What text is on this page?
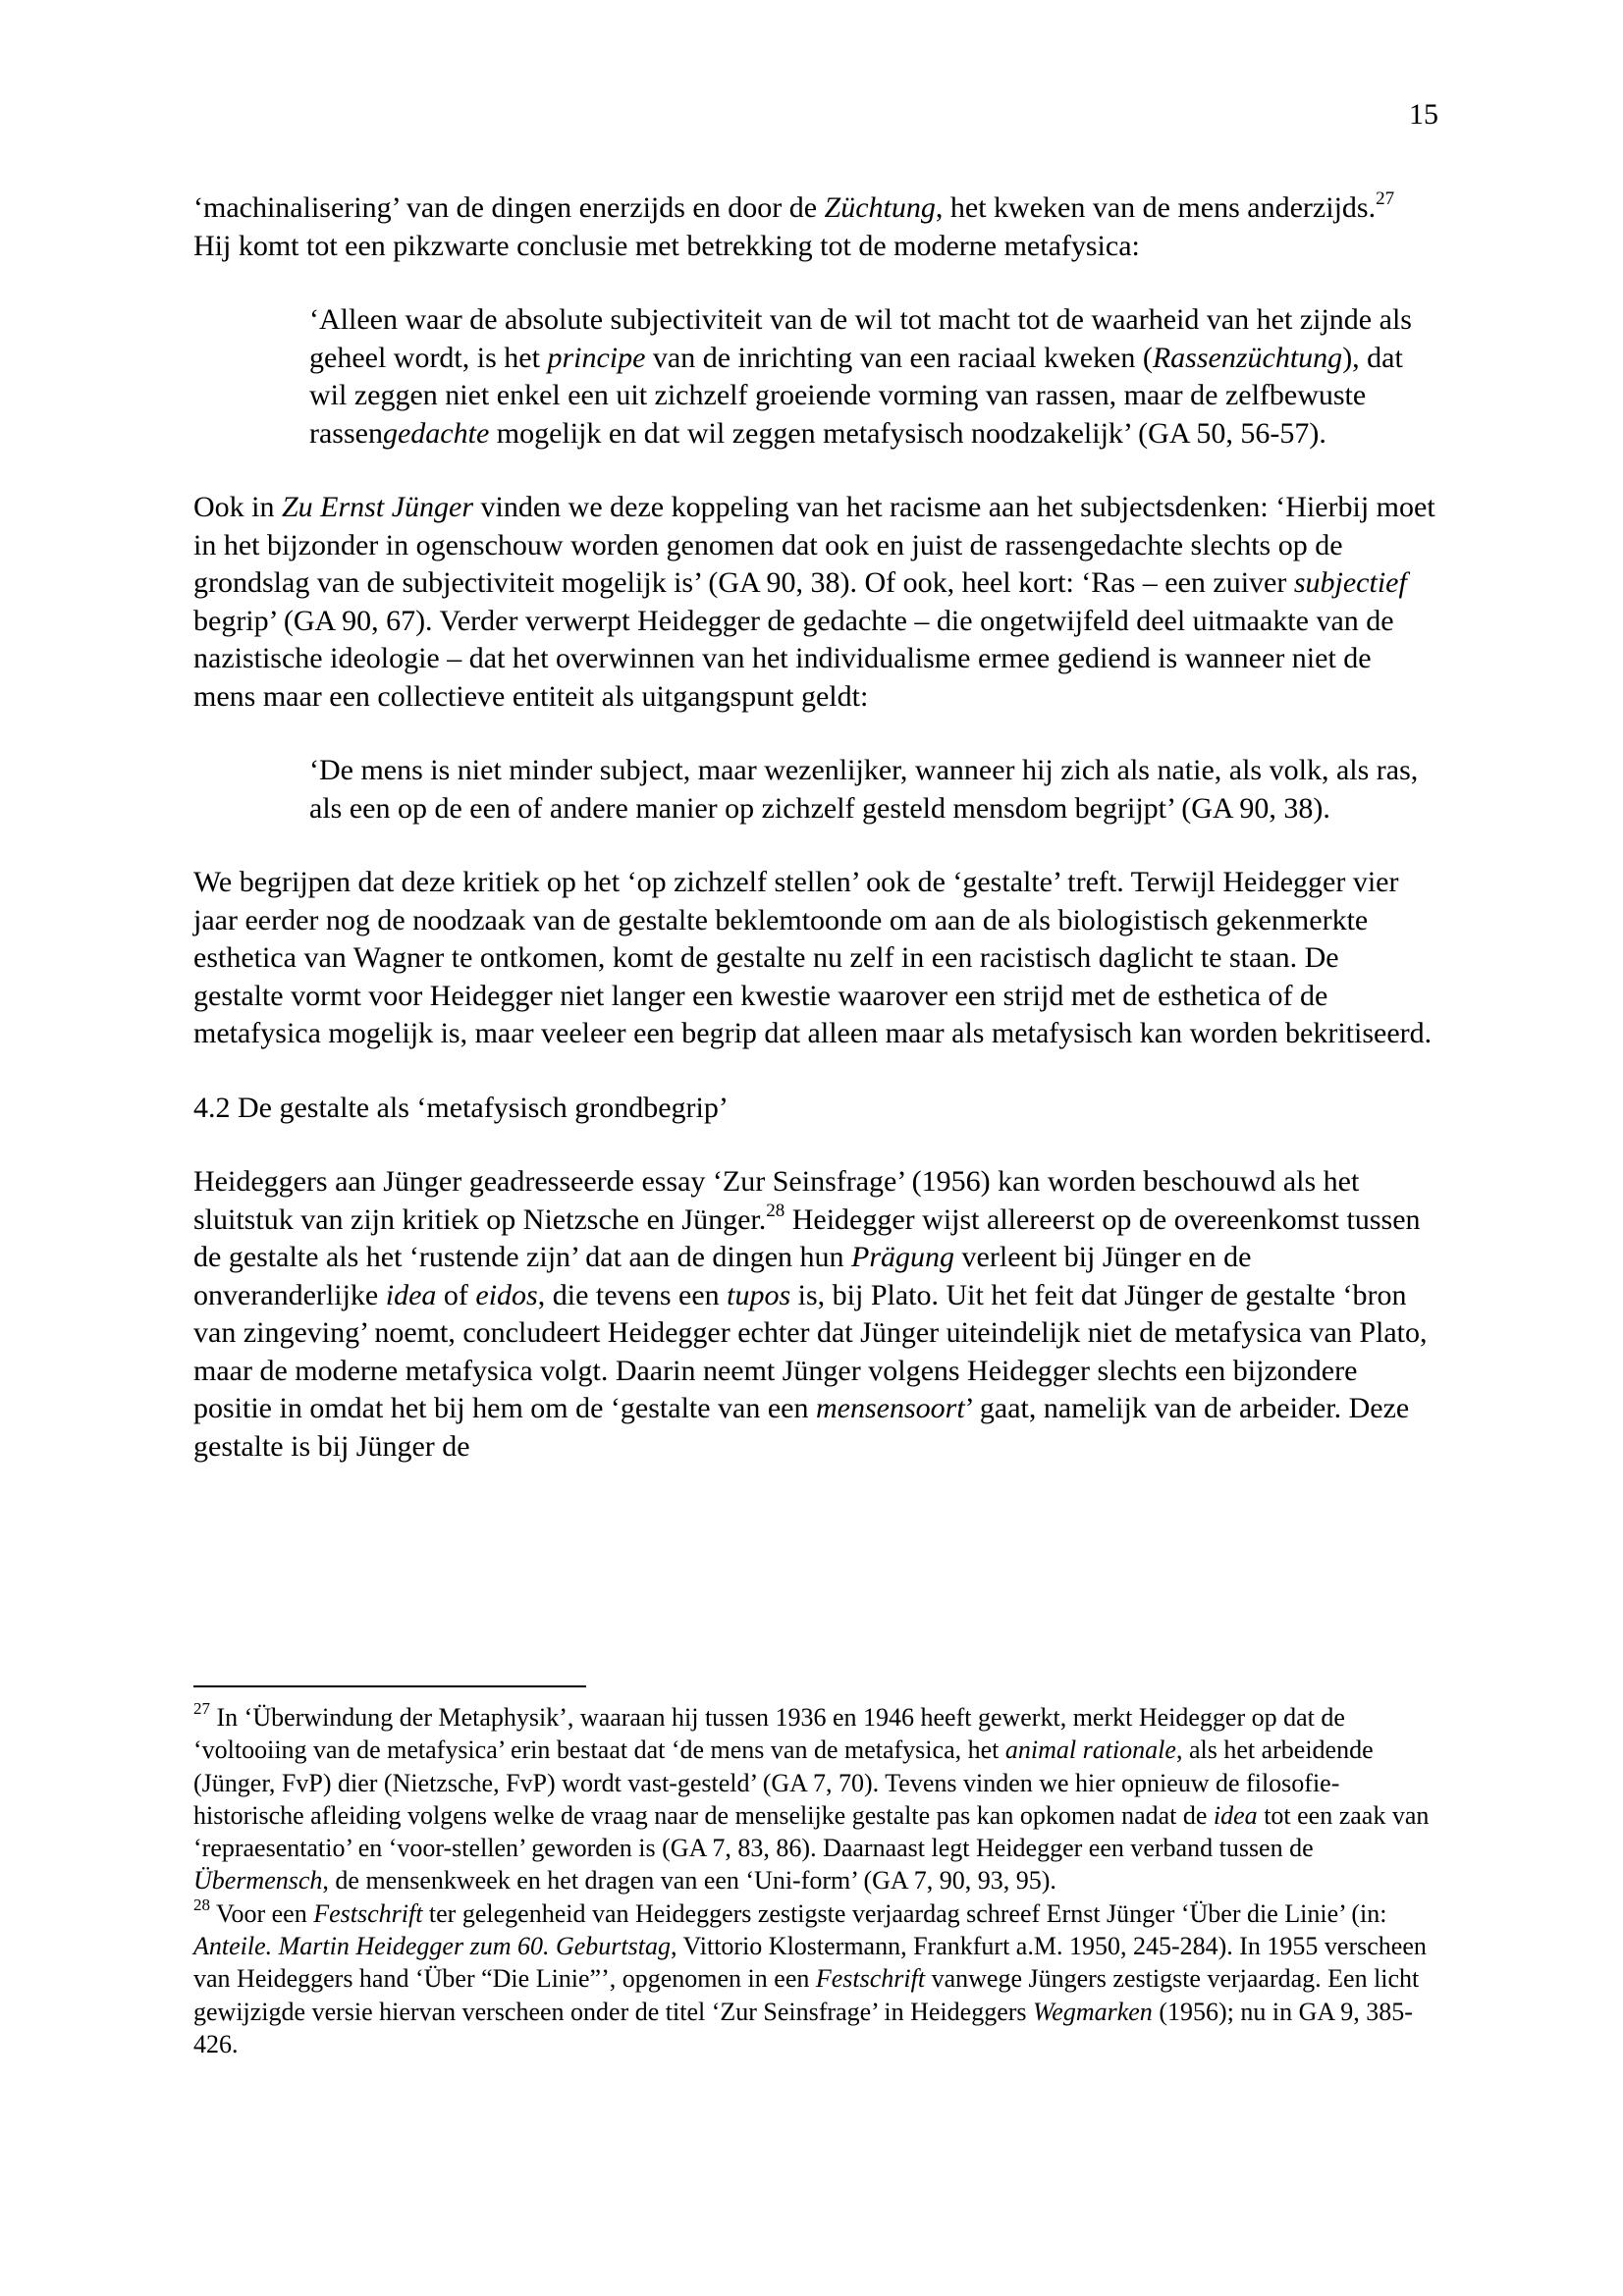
15

‘machinalisering’ van de dingen enerzijds en door de Züchtung, het kweken van de mens anderzijds.$^{27}$ Hij komt tot een pikzwarte conclusie met betrekking tot de moderne metafysica:

‘Alleen waar de absolute subjectiviteit van de wil tot macht tot de waarheid van het zijnde als geheel wordt, is het principe van de inrichting van een raciaal kweken (Rassenzüchtung), dat wil zeggen niet enkel een uit zichzelf groeiende vorming van rassen, maar de zelfbewuste rassengedachte mogelijk en dat wil zeggen metafysisch noodzakelijk’ (GA 50, 56-57).

Ook in Zu Ernst Jünger vinden we deze koppeling van het racisme aan het subjectsdenken: ‘Hierbij moet in het bijzonder in ogenschouw worden genomen dat ook en juist de rassengedachte slechts op de grondslag van de subjectiviteit mogelijk is’ (GA 90, 38). Of ook, heel kort: ‘Ras – een zuiver subjectief begrip’ (GA 90, 67). Verder verwerpt Heidegger de gedachte – die ongetwijfeld deel uitmaakte van de nazistische ideologie – dat het overwinnen van het individualisme ermee gediend is wanneer niet de mens maar een collectieve entiteit als uitgangspunt geldt:

‘De mens is niet minder subject, maar wezenlijker, wanneer hij zich als natie, als volk, als ras, als een op de een of andere manier op zichzelf gesteld mensdom begrijpt’ (GA 90, 38).

We begrijpen dat deze kritiek op het ‘op zichzelf stellen’ ook de ‘gestalte’ treft. Terwijl Heidegger vier jaar eerder nog de noodzaak van de gestalte beklemtoonde om aan de als biologistisch gekenmerkte esthetica van Wagner te ontkomen, komt de gestalte nu zelf in een racistisch daglicht te staan. De gestalte vormt voor Heidegger niet langer een kwestie waarover een strijd met de esthetica of de metafysica mogelijk is, maar veeleer een begrip dat alleen maar als metafysisch kan worden bekritiseerd.

4.2 De gestalte als ‘metafysisch grondbegrip’

Heideggers aan Jünger geadresseerde essay ‘Zur Seinsfrage’ (1956) kan worden beschouwd als het sluitstuk van zijn kritiek op Nietzsche en Jünger.$^{28}$ Heidegger wijst allereerst op de overeenkomst tussen de gestalte als het ‘rustende zijn’ dat aan de dingen hun Prägung verleent bij Jünger en de onveranderlijke idea of eidos, die tevens een tupos is, bij Plato. Uit het feit dat Jünger de gestalte ‘bron van zingeving’ noemt, concludeert Heidegger echter dat Jünger uiteindelijk niet de metafysica van Plato, maar de moderne metafysica volgt. Daarin neemt Jünger volgens Heidegger slechts een bijzondere positie in omdat het bij hem om de ‘gestalte van een mensensoort’ gaat, namelijk van de arbeider. Deze gestalte is bij Jünger de

$^{27}$ In ‘Überwindung der Metaphysik’, waaraan hij tussen 1936 en 1946 heeft gewerkt, merkt Heidegger op dat de ‘voltooiing van de metafysica’ erin bestaat dat ‘de mens van de metafysica, het animal rationale, als het arbeidende (Jünger, FvP) dier (Nietzsche, FvP) wordt vast-gesteld’ (GA 7, 70). Tevens vinden we hier opnieuw de filosofie-historische afleiding volgens welke de vraag naar de menselijke gestalte pas kan opkomen nadat de idea tot een zaak van ‘repraesentatio’ en ‘voor-stellen’ geworden is (GA 7, 83, 86). Daarnaast legt Heidegger een verband tussen de Übermensch, de mensenkweek en het dragen van een ‘Uni-form’ (GA 7, 90, 93, 95).

$^{28}$ Voor een Festschrift ter gelegenheid van Heideggers zestigste verjaardag schreef Ernst Jünger ‘Über die Linie’ (in: Anteile. Martin Heidegger zum 60. Geburtstag, Vittorio Klostermann, Frankfurt a.M. 1950, 245-284). In 1955 verscheen van Heideggers hand ‘Über “Die Linie”’, opgenomen in een Festschrift vanwege Jüngers zestigste verjaardag. Een licht gewijzigde versie hiervan verscheen onder de titel ‘Zur Seinsfrage’ in Heideggers Wegmarken (1956); nu in GA 9, 385-426.
